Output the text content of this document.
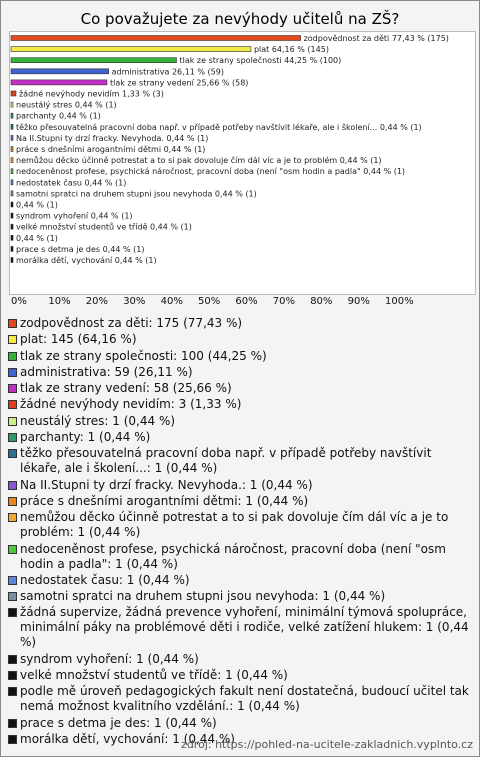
Co považujete za nevýhody učitelů na ZŠ?
zodpovědnost za děti 77,43 % (175)
plat 64,16 % (145)
tlak ze strany společnosti 44,25 % (100)
administrativa 26,11 % (59)
tlak ze strany vedení 25,66 % (58)
žádné nevýhody nevidím 1,33 % (3)
neustálý stres 0,44 % (1)
parchanty 0,44 % (1)
těžko přesouvatelná pracovní doba např. v případě potřeby navštívit lékaře, ale i školení... 0,44 % (1)
Na II.Stupni ty drzí fracky. Nevyhoda. 0,44 % (1)
práce s dnešními arogantními dětmi 0,44 % (1)
nemůžou děcko účinně potrestat a to si pak dovoluje čím dál víc a je to problém 0,44 % (1)
nedoceněnost profese, psychická náročnost, pracovní doba (není "osm hodin a padla" 0,44 % (1)
nedostatek času 0,44 % (1)
samotni spratci na druhem stupni jsou nevyhoda 0,44 % (1)
0,44 % (1)
syndrom vyhoření 0,44 % (1)
velké množství studentů ve třídě 0,44 % (1)
0,44 % (1)
prace s detma je des 0,44 % (1)
morálka dětí, vychování 0,44 % (1)
0% 10% 20% 30% 40% 50% 60% 70% 80% 90% 100%
zodpovědnost za děti: 175 (77,43 %)
plat: 145 (64,16 %)
tlak ze strany společnosti: 100 (44,25 %)
administrativa: 59 (26,11 %)
tlak ze strany vedení: 58 (25,66 %)
žádné nevýhody nevidím: 3 (1,33 %)
neustálý stres: 1 (0,44 %)
parchanty: 1 (0,44 %)
těžko přesouvatelná pracovní doba např. v případě potřeby navštívit lékaře, ale i školení...: 1 (0,44 %)
Na II.Stupni ty drzí fracky. Nevyhoda.: 1 (0,44 %)
práce s dnešními arogantními dětmi: 1 (0,44 %)
nemůžou děcko účinně potrestat a to si pak dovoluje čím dál víc a je to problém: 1 (0,44 %)
nedoceněnost profese, psychická náročnost, pracovní doba (není "osm hodin a padla": 1 (0,44 %)
nedostatek času: 1 (0,44 %)
samotni spratci na druhem stupni jsou nevyhoda: 1 (0,44 %)
žádná supervize, žádná prevence vyhoření, minimální týmová spolupráce, minimální páky na problémové děti i rodiče, velké zatížení hlukem: 1 (0,44 %)
syndrom vyhoření: 1 (0,44 %)
velké množství studentů ve třídě: 1 (0,44 %)
podle mě úroveň pedagogických fakult není dostatečná, budoucí učitel tak nemá možnost kvalitního vzdělání.: 1 (0,44 %)
prace s detma je des: 1 (0,44 %)
morálka dětí, vychování: 1 (0,44 %)
zdroj: https://pohled-na-ucitele-zakladnich.vyplnto.cz
